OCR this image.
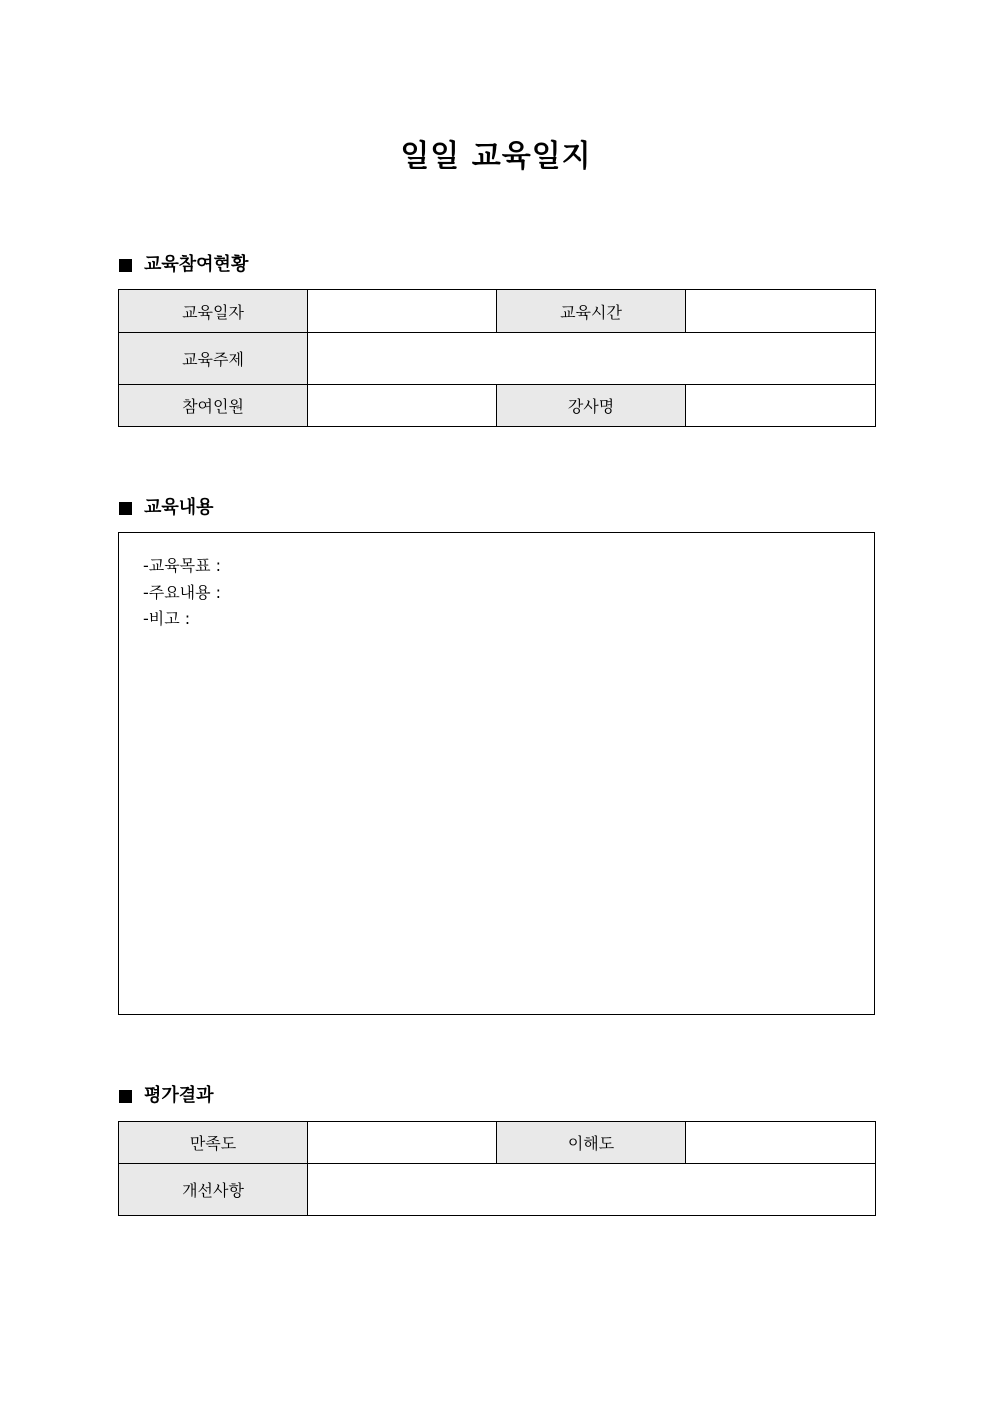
일일 교육일지
교육참여현황
교육일자		교육시간	
교육주제			
참여인원		강사명	
교육내용
-교육목표 :
-주요내용 :
-비고 :
평가결과
만족도		이해도	
개선사항			
